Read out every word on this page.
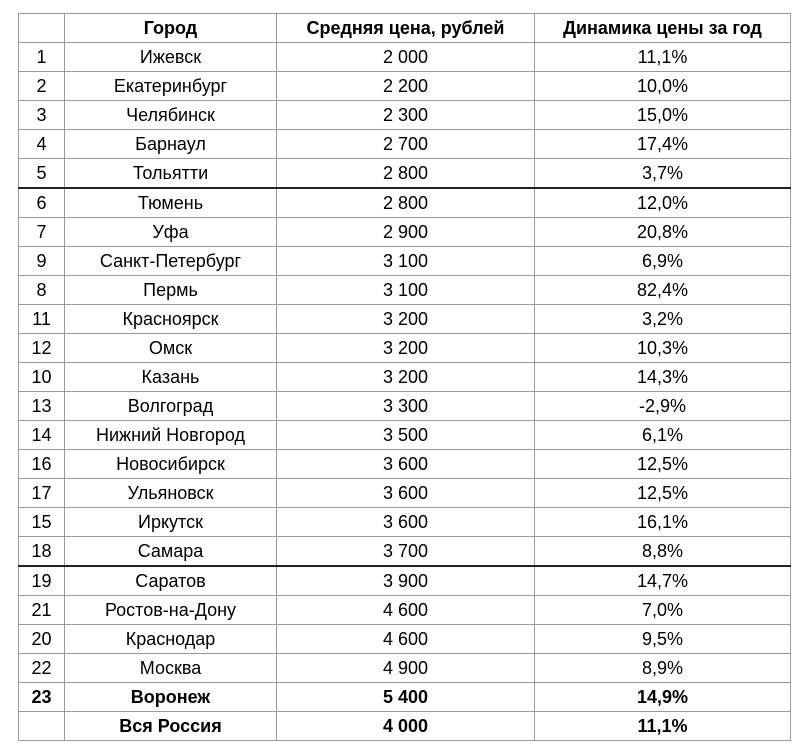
	Город	Средняя цена, рублей	Динамика цены за год
1	Ижевск	2 000	11,1%
2	Екатеринбург	2 200	10,0%
3	Челябинск	2 300	15,0%
4	Барнаул	2 700	17,4%
5	Тольятти	2 800	3,7%
6	Тюмень	2 800	12,0%
7	Уфа	2 900	20,8%
9	Санкт-Петербург	3 100	6,9%
8	Пермь	3 100	82,4%
11	Красноярск	3 200	3,2%
12	Омск	3 200	10,3%
10	Казань	3 200	14,3%
13	Волгоград	3 300	-2,9%
14	Нижний Новгород	3 500	6,1%
16	Новосибирск	3 600	12,5%
17	Ульяновск	3 600	12,5%
15	Иркутск	3 600	16,1%
18	Самара	3 700	8,8%
19	Саратов	3 900	14,7%
21	Ростов-на-Дону	4 600	7,0%
20	Краснодар	4 600	9,5%
22	Москва	4 900	8,9%
23	Воронеж	5 400	14,9%
	Вся Россия	4 000	11,1%
